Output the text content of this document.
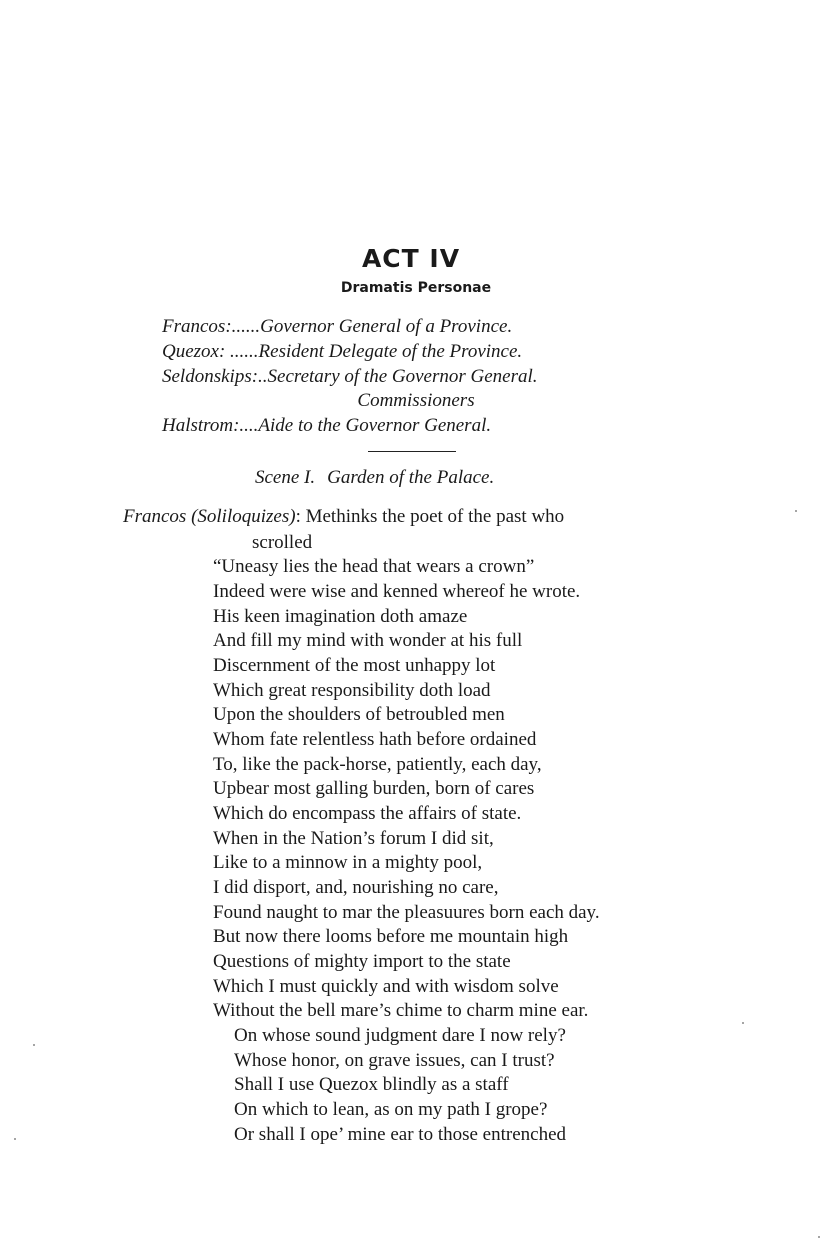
ACT IV
Dramatis Personae
Francos:......Governor General of a Province.
Quezox: ......Resident Delegate of the Province.
Seldonskips:..Secretary of the Governor General.
Commissioners
Halstrom:....Aide to the Governor General.
Scene I. Garden of the Palace.
Francos (Soliloquizes): Methinks the poet of the past who
scrolled
“Uneasy lies the head that wears a crown”
Indeed were wise and kenned whereof he wrote.
His keen imagination doth amaze
And fill my mind with wonder at his full
Discernment of the most unhappy lot
Which great responsibility doth load
Upon the shoulders of betroubled men
Whom fate relentless hath before ordained
To, like the pack-horse, patiently, each day,
Upbear most galling burden, born of cares
Which do encompass the affairs of state.
When in the Nation’s forum I did sit,
Like to a minnow in a mighty pool,
I did disport, and, nourishing no care,
Found naught to mar the pleasuures born each day.
But now there looms before me mountain high
Questions of mighty import to the state
Which I must quickly and with wisdom solve
Without the bell mare’s chime to charm mine ear.
On whose sound judgment dare I now rely?
Whose honor, on grave issues, can I trust?
Shall I use Quezox blindly as a staff
On which to lean, as on my path I grope?
Or shall I ope’ mine ear to those entrenched
